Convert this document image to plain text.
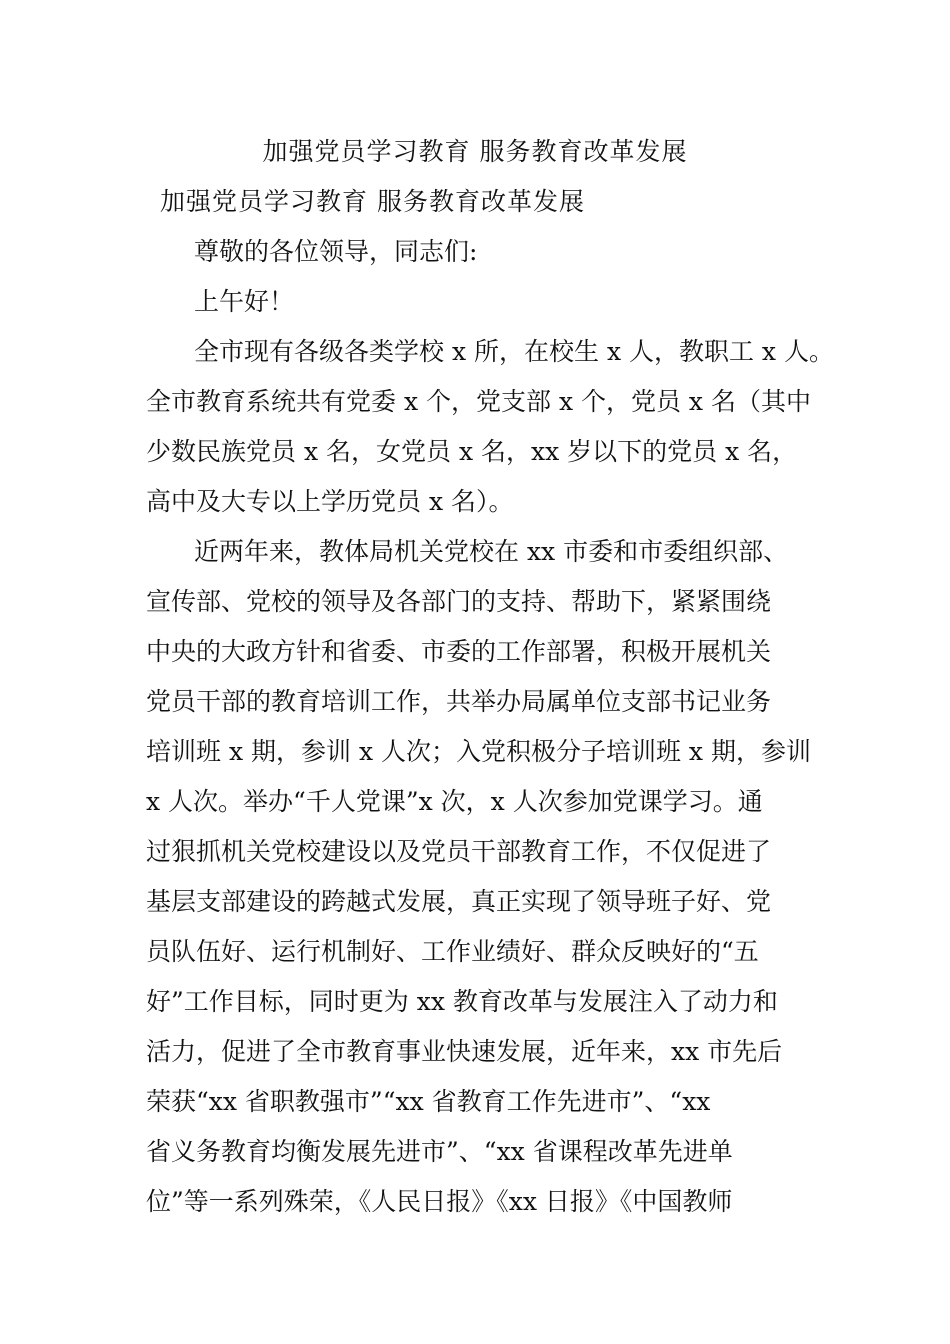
加强党员学习教育 服务教育改革发展
加强党员学习教育 服务教育改革发展

尊敬的各位领导，同志们:

上午好！

全市现有各级各类学校 x 所，在校生 x 人，教职工 x 人。

全市教育系统共有党委 x 个，党支部 x 个，党员 x 名（其中

少数民族党员 x 名，女党员 x 名，xx 岁以下的党员 x 名，

高中及大专以上学历党员 x 名）。

近两年来，教体局机关党校在 xx 市委和市委组织部、

宣传部、党校的领导及各部门的支持、帮助下，紧紧围绕

中央的大政方针和省委、市委的工作部署，积极开展机关

党员干部的教育培训工作，共举办局属单位支部书记业务

培训班 x 期，参训 x 人次；入党积极分子培训班 x 期，参训

x 人次。举办“千人党课”x 次，x 人次参加党课学习。通

过狠抓机关党校建设以及党员干部教育工作，不仅促进了

基层支部建设的跨越式发展，真正实现了领导班子好、党

员队伍好、运行机制好、工作业绩好、群众反映好的“五

好”工作目标，同时更为 xx 教育改革与发展注入了动力和

活力，促进了全市教育事业快速发展，近年来，xx 市先后

荣获“xx 省职教强市”“xx 省教育工作先进市”、“xx

省义务教育均衡发展先进市”、“xx 省课程改革先进单

位”等一系列殊荣，《人民日报》《xx 日报》《中国教师
